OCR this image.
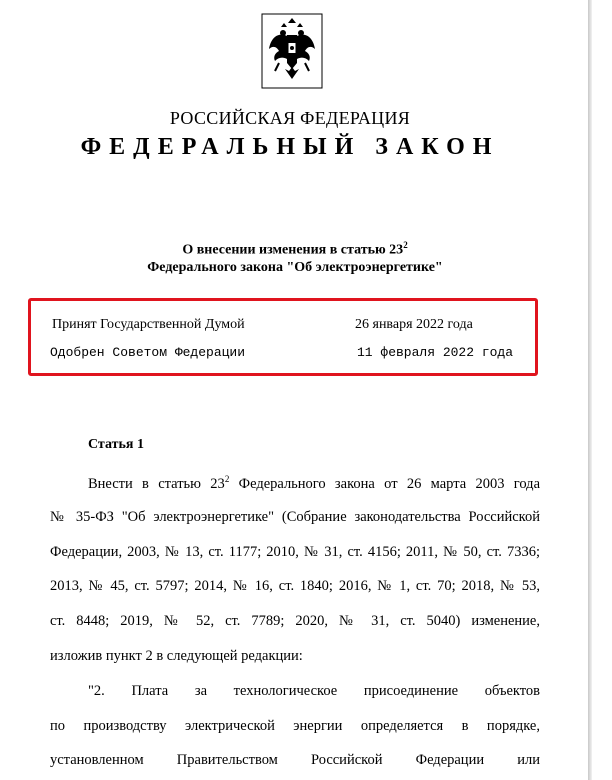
РОССИЙСКАЯ ФЕДЕРАЦИЯ
ФЕДЕРАЛЬНЫЙ ЗАКОН
О внесении изменения в статью $23^2$
Федерального закона "Об электроэнергетике"
Принят Государственной Думой	26 января 2022 года
Одобрен Советом Федерации	11 февраля 2022 года
Статья 1
Внести в статью $23^2$ Федерального закона от 26 марта 2003 года
№ 35-ФЗ "Об электроэнергетике" (Собрание законодательства Российской
Федерации, 2003, № 13, ст. 1177; 2010, № 31, ст. 4156; 2011, № 50, ст. 7336;
2013, № 45, ст. 5797; 2014, № 16, ст. 1840; 2016, № 1, ст. 70; 2018, № 53,
ст. 8448; 2019, № 52, ст. 7789; 2020, № 31, ст. 5040) изменение,
изложив пункт 2 в следующей редакции:
"2. Плата за технологическое присоединение объектов
по производству электрической энергии определяется в порядке,
установленном Правительством Российской Федерации или
